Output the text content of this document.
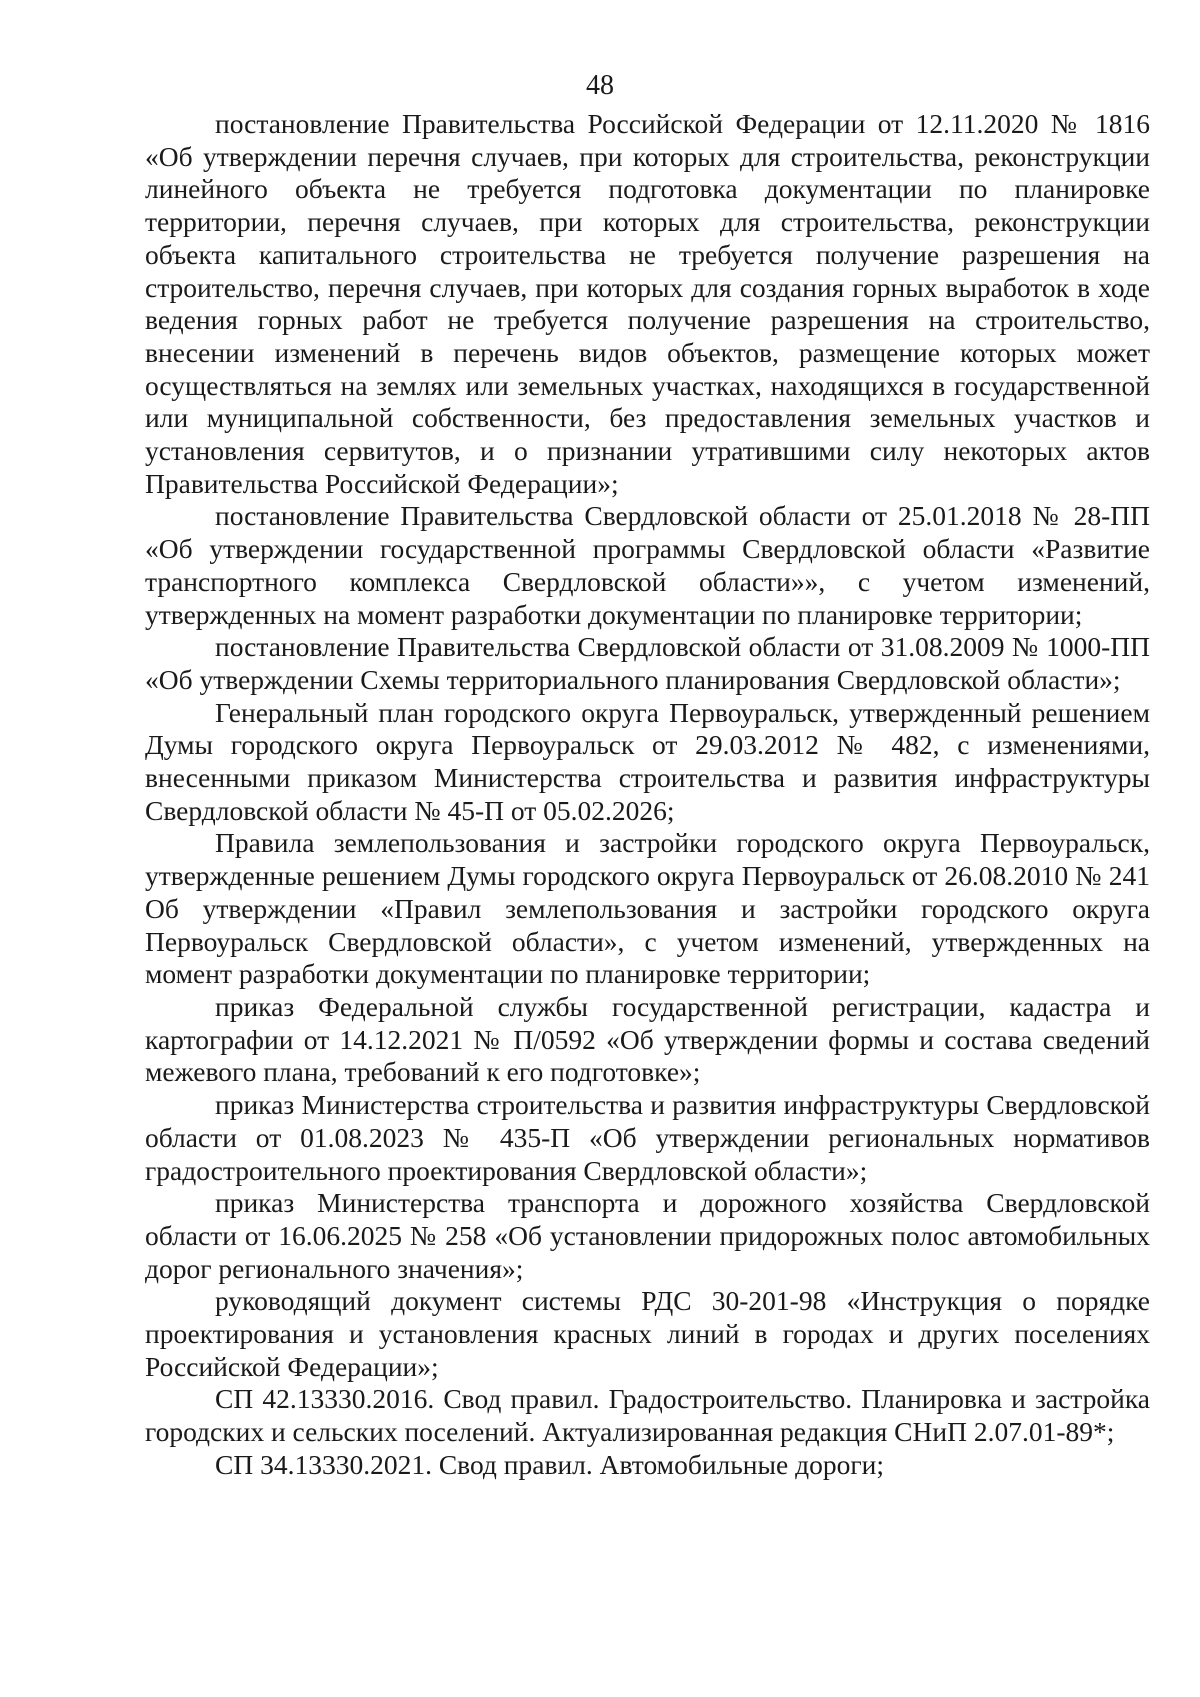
48

постановление Правительства Российской Федерации от 12.11.2020 № 1816 «Об утверждении перечня случаев, при которых для строительства, реконструкции линейного объекта не требуется подготовка документации по планировке территории, перечня случаев, при которых для строительства, реконструкции объекта капитального строительства не требуется получение разрешения на строительство, перечня случаев, при которых для создания горных выработок в ходе ведения горных работ не требуется получение разрешения на строительство, внесении изменений в перечень видов объектов, размещение которых может осуществляться на землях или земельных участках, находящихся в государственной или муниципальной собственности, без предоставления земельных участков и установления сервитутов, и о признании утратившими силу некоторых актов Правительства Российской Федерации»;

постановление Правительства Свердловской области от 25.01.2018 № 28-ПП «Об утверждении государственной программы Свердловской области «Развитие транспортного комплекса Свердловской области»», с учетом изменений, утвержденных на момент разработки документации по планировке территории;

постановление Правительства Свердловской области от 31.08.2009 № 1000-ПП «Об утверждении Схемы территориального планирования Свердловской области»;

Генеральный план городского округа Первоуральск, утвержденный решением Думы городского округа Первоуральск от 29.03.2012 № 482, с изменениями, внесенными приказом Министерства строительства и развития инфраструктуры Свердловской области № 45-П от 05.02.2026;

Правила землепользования и застройки городского округа Первоуральск, утвержденные решением Думы городского округа Первоуральск от 26.08.2010 № 241 Об утверждении «Правил землепользования и застройки городского округа Первоуральск Свердловской области», с учетом изменений, утвержденных на момент разработки документации по планировке территории;

приказ Федеральной службы государственной регистрации, кадастра и картографии от 14.12.2021 № П/0592 «Об утверждении формы и состава сведений межевого плана, требований к его подготовке»;

приказ Министерства строительства и развития инфраструктуры Свердловской области от 01.08.2023 № 435-П «Об утверждении региональных нормативов градостроительного проектирования Свердловской области»;

приказ Министерства транспорта и дорожного хозяйства Свердловской области от 16.06.2025 № 258 «Об установлении придорожных полос автомобильных дорог регионального значения»;

руководящий документ системы РДС 30-201-98 «Инструкция о порядке проектирования и установления красных линий в городах и других поселениях Российской Федерации»;

СП 42.13330.2016. Свод правил. Градостроительство. Планировка и застройка городских и сельских поселений. Актуализированная редакция СНиП 2.07.01-89*;

СП 34.13330.2021. Свод правил. Автомобильные дороги;
